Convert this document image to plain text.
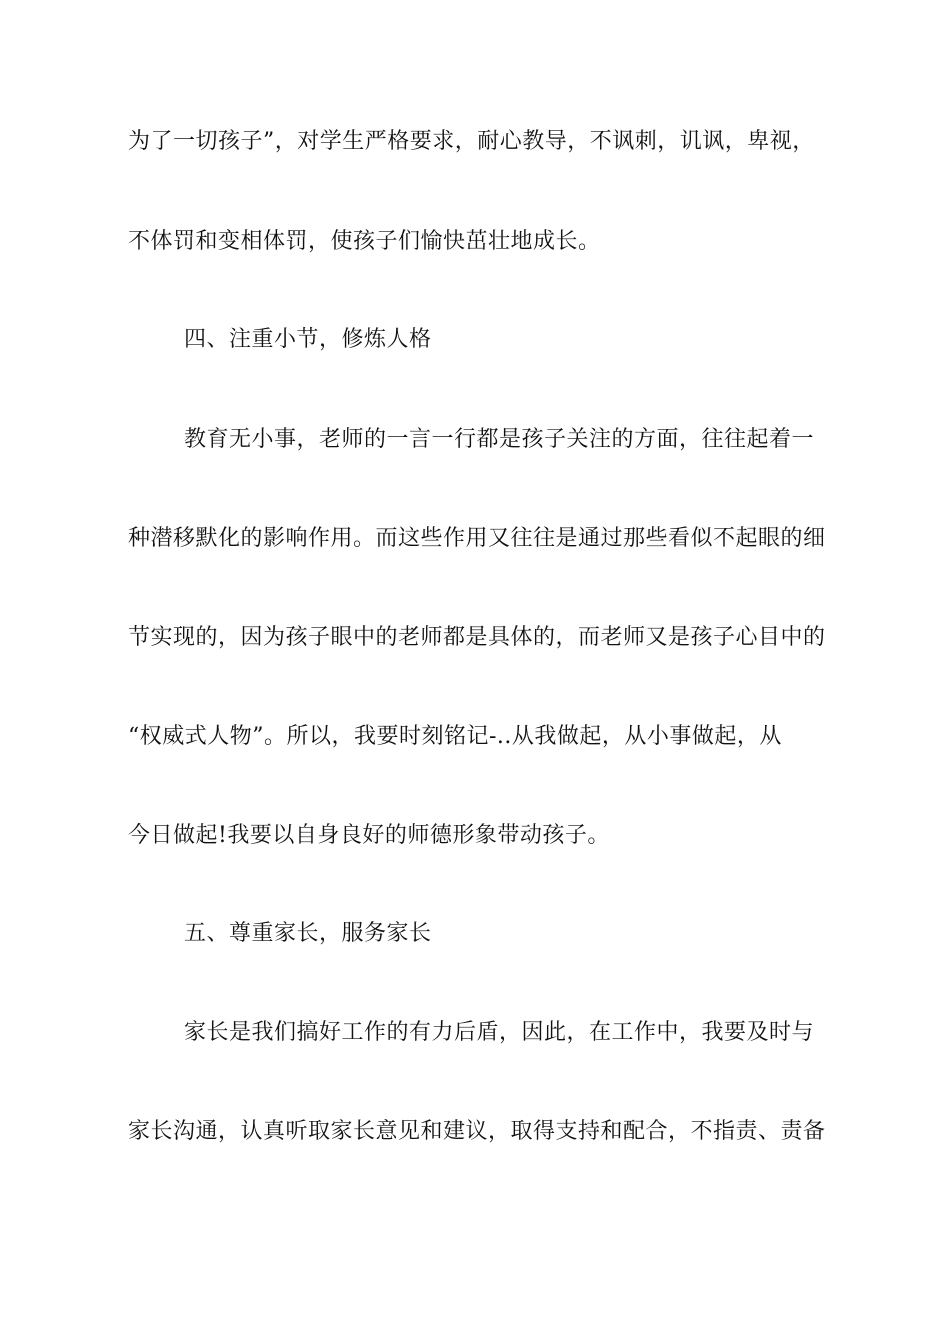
为了一切孩子”，对学生严格要求，耐心教导，不讽刺，讥讽，卑视，
不体罚和变相体罚，使孩子们愉快茁壮地成长。
四、注重小节，修炼人格
教育无小事，老师的一言一行都是孩子关注的方面，往往起着一
种潜移默化的影响作用。而这些作用又往往是通过那些看似不起眼的细
节实现的，因为孩子眼中的老师都是具体的，而老师又是孩子心目中的
“权威式人物”。所以，我要时刻铭记-..从我做起，从小事做起，从
今日做起!我要以自身良好的师德形象带动孩子。
五、尊重家长，服务家长
家长是我们搞好工作的有力后盾，因此，在工作中，我要及时与
家长沟通，认真听取家长意见和建议，取得支持和配合，不指责、责备
